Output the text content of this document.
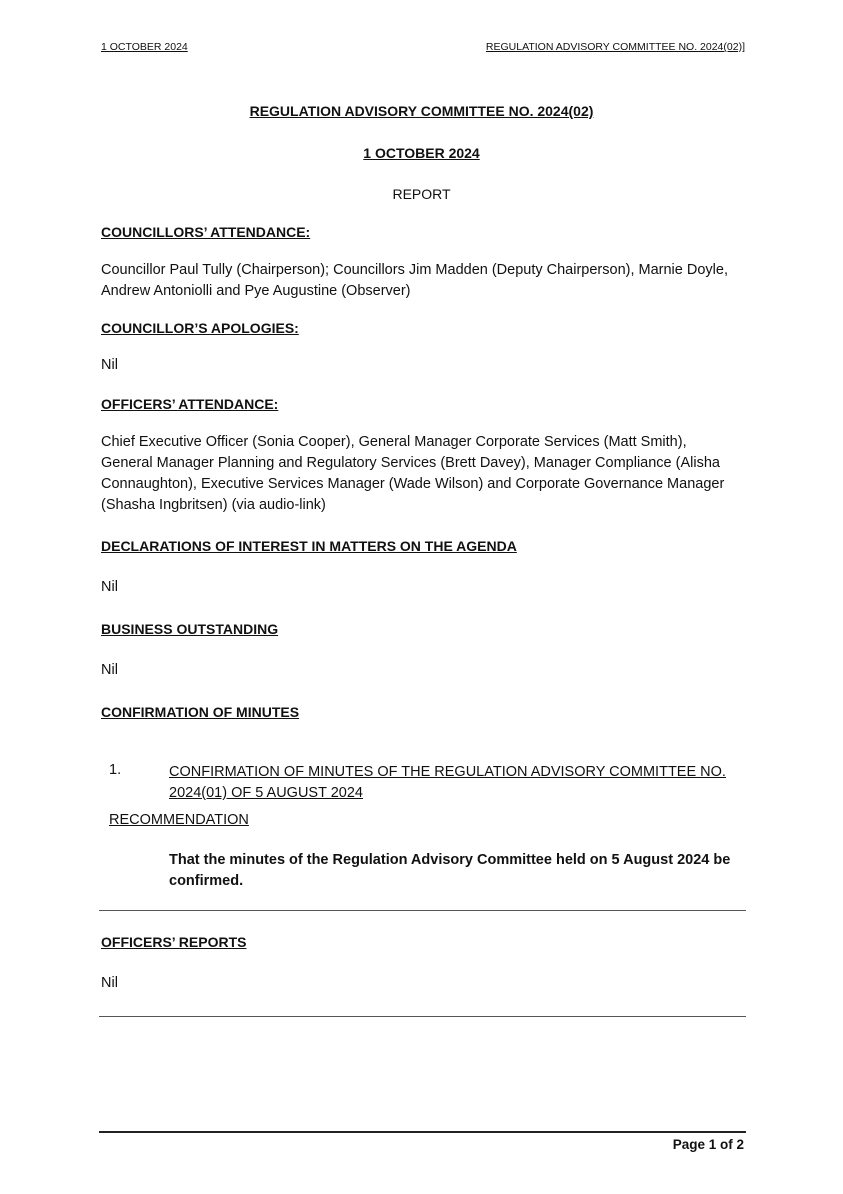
1 OCTOBER 2024	REGULATION ADVISORY COMMITTEE NO. 2024(02)]
REGULATION ADVISORY COMMITTEE NO. 2024(02)
1 OCTOBER 2024
REPORT
COUNCILLORS’ ATTENDANCE:
Councillor Paul Tully (Chairperson); Councillors Jim Madden (Deputy Chairperson), Marnie Doyle, Andrew Antoniolli and Pye Augustine (Observer)
COUNCILLOR’S APOLOGIES:
Nil
OFFICERS’ ATTENDANCE:
Chief Executive Officer (Sonia Cooper), General Manager Corporate Services (Matt Smith), General Manager Planning and Regulatory Services (Brett Davey), Manager Compliance (Alisha Connaughton), Executive Services Manager (Wade Wilson) and Corporate Governance Manager (Shasha Ingbritsen) (via audio-link)
DECLARATIONS OF INTEREST IN MATTERS ON THE AGENDA
Nil
BUSINESS OUTSTANDING
Nil
CONFIRMATION OF MINUTES
1.	CONFIRMATION OF MINUTES OF THE REGULATION ADVISORY COMMITTEE NO. 2024(01) OF 5 AUGUST 2024
RECOMMENDATION
That the minutes of the Regulation Advisory Committee held on 5 August 2024 be confirmed.
OFFICERS’ REPORTS
Nil
Page 1 of 2
